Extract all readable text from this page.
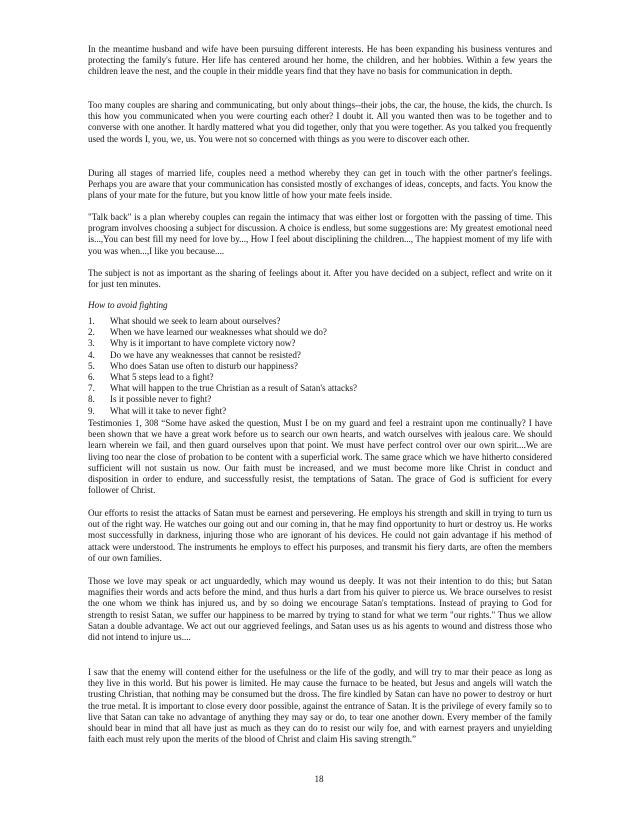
In the meantime husband and wife have been pursuing different interests. He has been expanding his business ventures and protecting the family's future. Her life has centered around her home, the children, and her hobbies. Within a few years the children leave the nest, and the couple in their middle years find that they have no basis for communication in depth.

Too many couples are sharing and communicating, but only about things--their jobs, the car, the house, the kids, the church. Is this how you communicated when you were courting each other? I doubt it. All you wanted then was to be together and to converse with one another. It hardly mattered what you did together, only that you were together. As you talked you frequently used the words I, you, we, us. You were not so concerned with things as you were to discover each other.

During all stages of married life, couples need a method whereby they can get in touch with the other partner's feelings. Perhaps you are aware that your communication has consisted mostly of exchanges of ideas, concepts, and facts. You know the plans of your mate for the future, but you know little of how your mate feels inside.

"Talk back" is a plan whereby couples can regain the intimacy that was either lost or forgotten with the passing of time. This program involves choosing a subject for discussion. A choice is endless, but some suggestions are: My greatest emotional need is...,You can best fill my need for love by..., How I feel about disciplining the children..., The happiest moment of my life with you was when...,I like you because....

The subject is not as important as the sharing of feelings about it. After you have decided on a subject, reflect and write on it for just ten minutes.

How to avoid fighting

1.	What should we seek to learn about ourselves?
2.	When we have learned our weaknesses what should we do?
3.	Why is it important to have complete victory now?
4.	Do we have any weaknesses that cannot be resisted?
5.	Who does Satan use often to disturb our happiness?
6.	What 5 steps lead to a fight?
7.	What will happen to the true Christian as a result of Satan's attacks?
8.	Is it possible never to fight?
9.	What will it take to never fight?

Testimonies 1, 308 “Some have asked the question, Must I be on my guard and feel a restraint upon me continually? I have been shown that we have a great work before us to search our own hearts, and watch ourselves with jealous care. We should learn wherein we fail, and then guard ourselves upon that point. We must have perfect control over our own spirit....We are living too near the close of probation to be content with a superficial work. The same grace which we have hitherto considered sufficient will not sustain us now. Our faith must be increased, and we must become more like Christ in conduct and disposition in order to endure, and successfully resist, the temptations of Satan. The grace of God is sufficient for every follower of Christ.

Our efforts to resist the attacks of Satan must be earnest and persevering. He employs his strength and skill in trying to turn us out of the right way. He watches our going out and our coming in, that he may find opportunity to hurt or destroy us. He works most successfully in darkness, injuring those who are ignorant of his devices. He could not gain advantage if his method of attack were understood. The instruments he employs to effect his purposes, and transmit his fiery darts, are often the members of our own families.

Those we love may speak or act unguardedly, which may wound us deeply. It was not their intention to do this; but Satan magnifies their words and acts before the mind, and thus hurls a dart from his quiver to pierce us. We brace ourselves to resist the one whom we think has injured us, and by so doing we encourage Satan's temptations. Instead of praying to God for strength to resist Satan, we suffer our happiness to be marred by trying to stand for what we term "our rights." Thus we allow Satan a double advantage. We act out our aggrieved feelings, and Satan uses us as his agents to wound and distress those who did not intend to injure us....

I saw that the enemy will contend either for the usefulness or the life of the godly, and will try to mar their peace as long as they live in this world. But his power is limited. He may cause the furnace to be heated, but Jesus and angels will watch the trusting Christian, that nothing may be consumed but the dross. The fire kindled by Satan can have no power to destroy or hurt the true metal. It is important to close every door possible, against the entrance of Satan. It is the privilege of every family so to live that Satan can take no advantage of anything they may say or do, to tear one another down. Every member of the family should bear in mind that all have just as much as they can do to resist our wily foe, and with earnest prayers and unyielding faith each must rely upon the merits of the blood of Christ and claim His saving strength.”

18
